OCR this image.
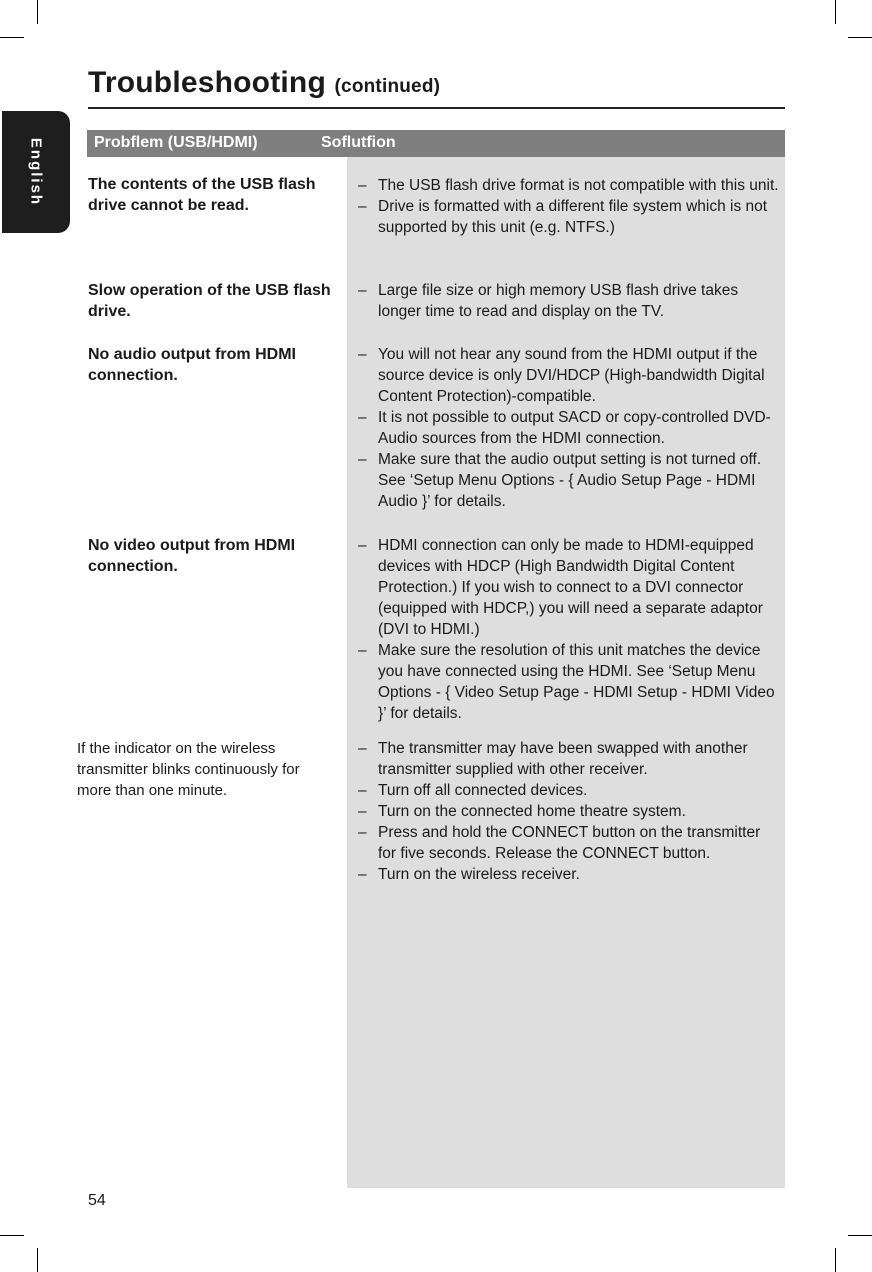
English
Troubleshooting (continued)
Probflem (USB/HDMI)	Soflutfion
The contents of the USB flash drive cannot be read.
– The USB flash drive format is not compatible with this unit.
– Drive is formatted with a different file system which is not supported by this unit (e.g. NTFS.)
Slow operation of the USB flash drive.
– Large file size or high memory USB flash drive takes longer time to read and display on the TV.
No audio output from HDMI connection.
– You will not hear any sound from the HDMI output if the source device is only DVI/HDCP (High-bandwidth Digital Content Protection)-compatible.
– It is not possible to output SACD or copy-controlled DVD-Audio sources from the HDMI connection.
– Make sure that the audio output setting is not turned off. See ‘Setup Menu Options - { Audio Setup Page - HDMI Audio }’ for details.
No video output from HDMI connection.
– HDMI connection can only be made to HDMI-equipped devices with HDCP (High Bandwidth Digital Content Protection.) If you wish to connect to a DVI connector (equipped with HDCP,) you will need a separate adaptor (DVI to HDMI.)
– Make sure the resolution of this unit matches the device you have connected using the HDMI. See ‘Setup Menu Options - { Video Setup Page - HDMI Setup - HDMI Video }’ for details.
If the indicator on the wireless transmitter blinks continuously for more than one minute.
– The transmitter may have been swapped with another transmitter supplied with other receiver.
– Turn off all connected devices.
– Turn on the connected home theatre system.
– Press and hold the CONNECT button on the transmitter for five seconds. Release the CONNECT button.
– Turn on the wireless receiver.
54
